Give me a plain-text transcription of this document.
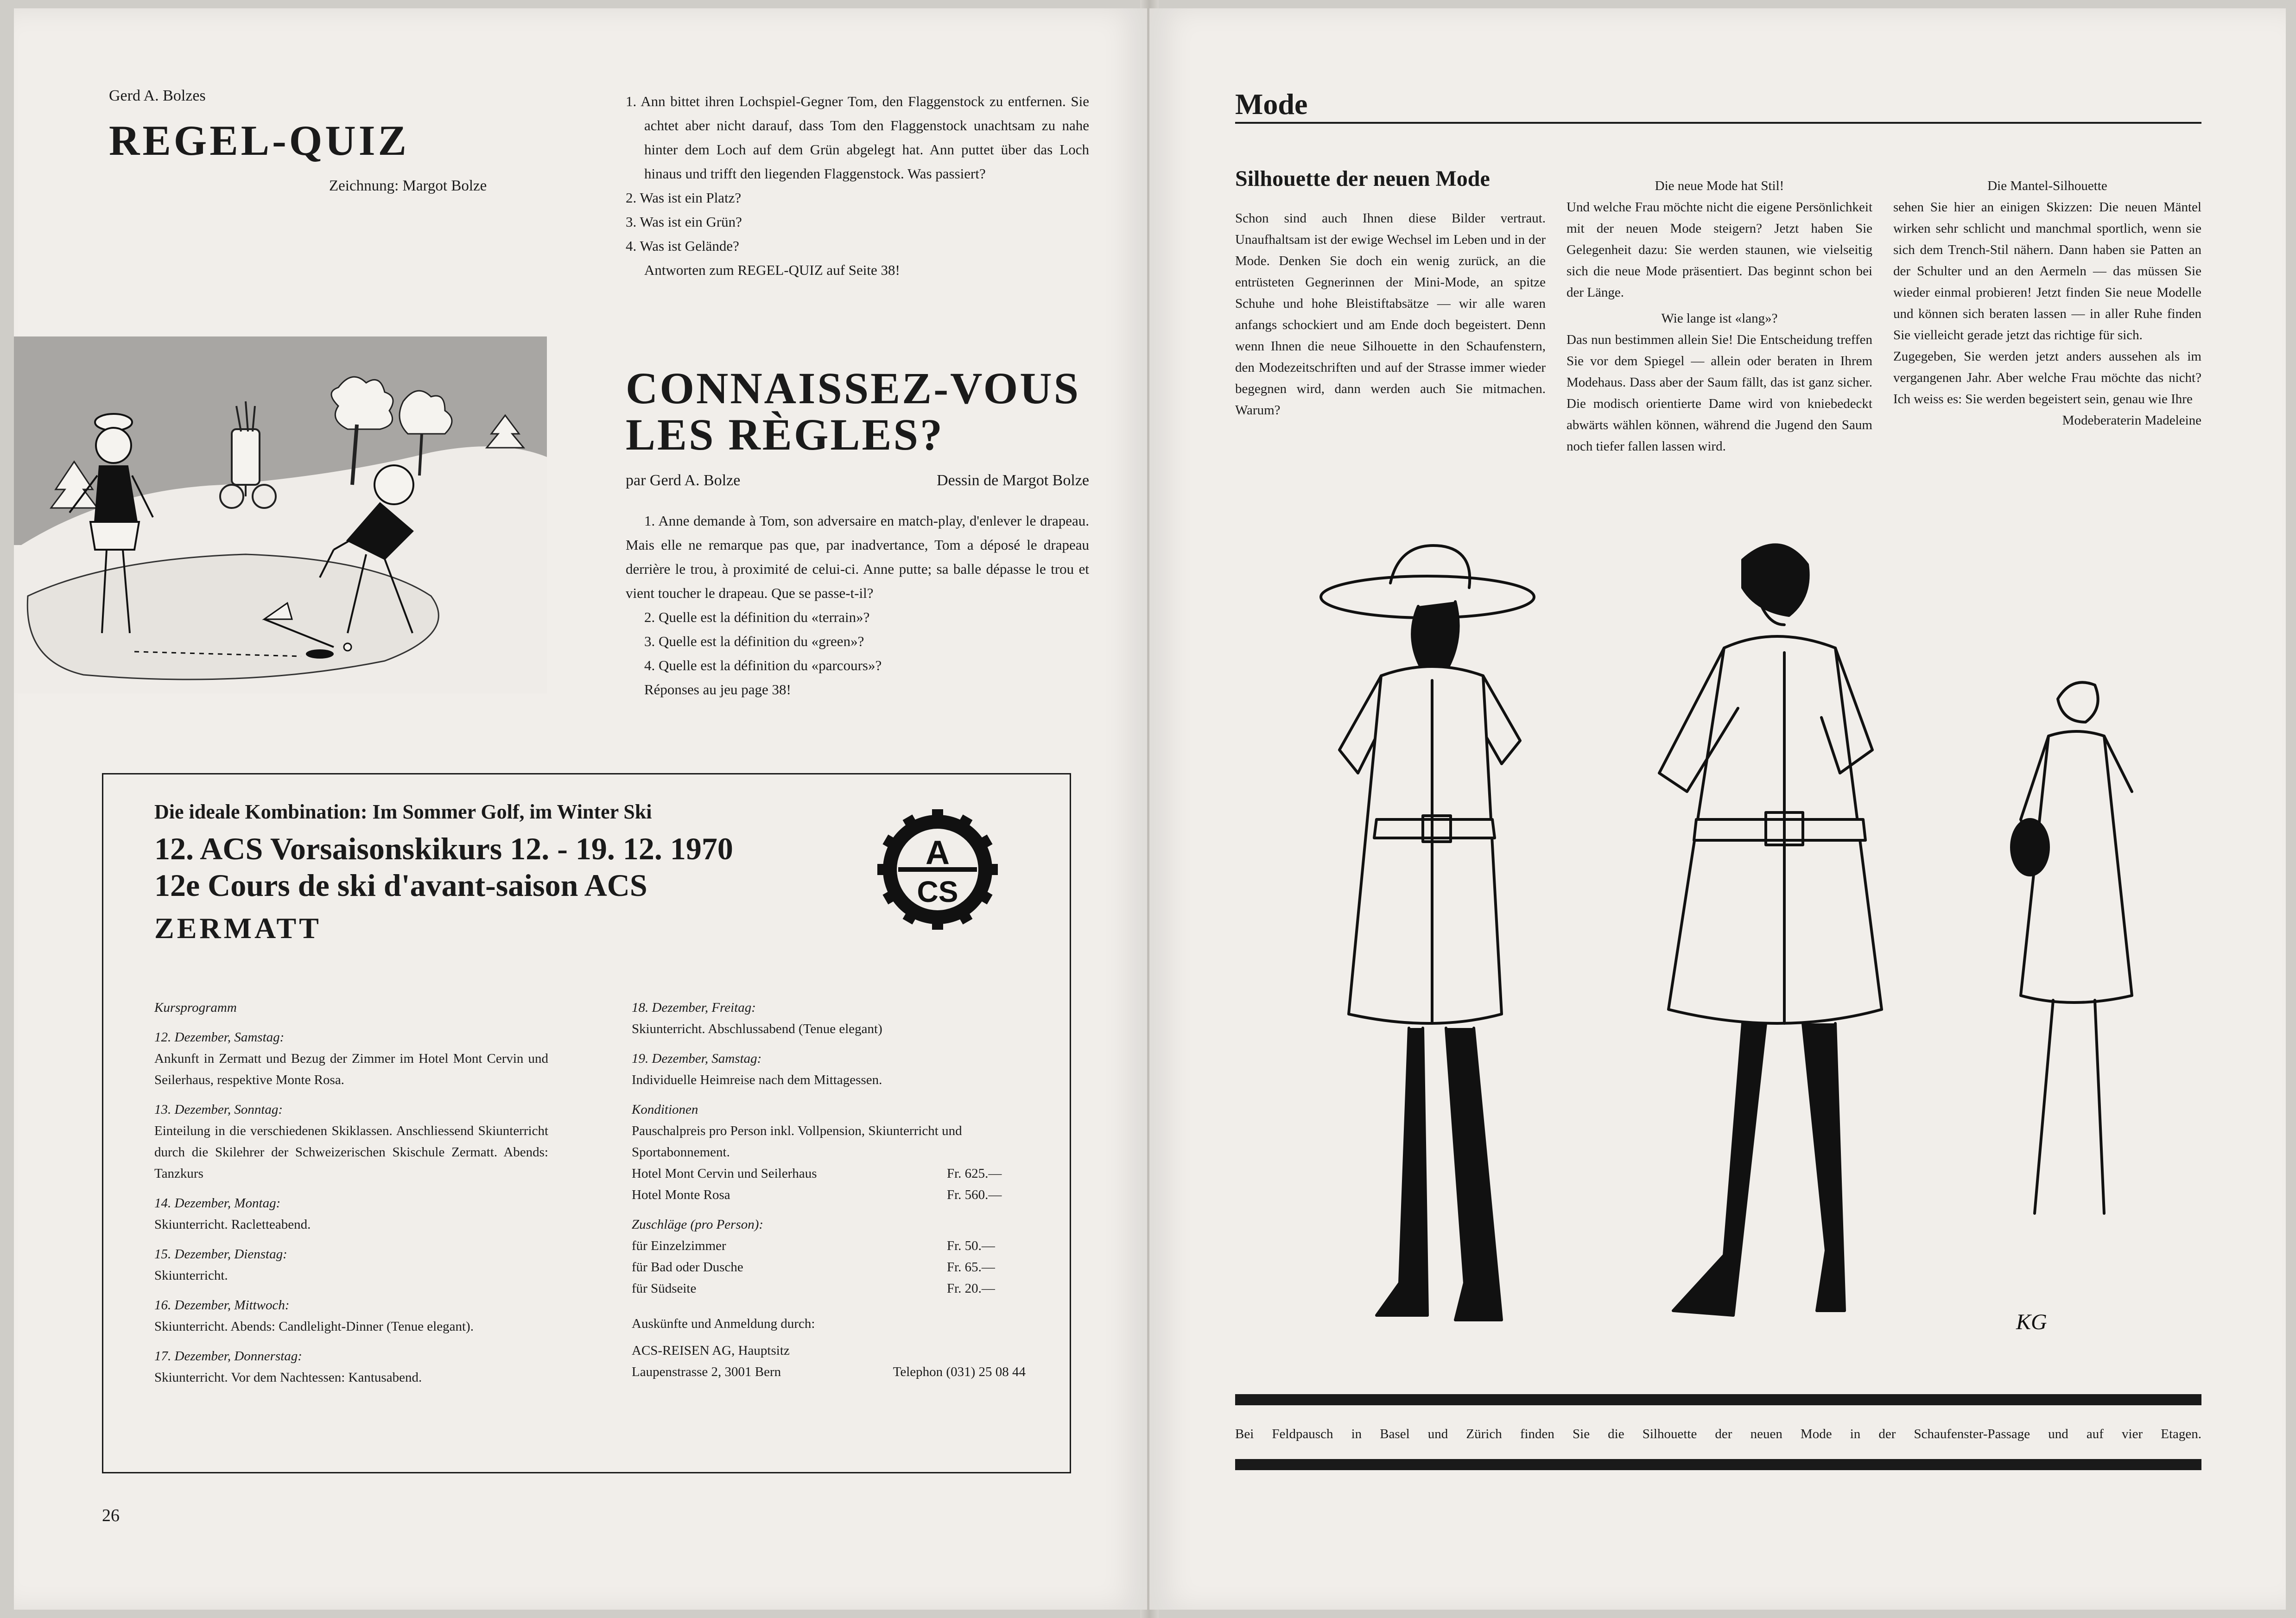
Gerd A. Bolzes
REGEL-QUIZ
Zeichnung: Margot Bolze

1. Ann bittet ihren Lochspiel-Gegner Tom, den Flaggenstock zu entfernen. Sie achtet aber nicht darauf, dass Tom den Flaggenstock unachtsam zu nahe hinter dem Loch auf dem Grün abgelegt hat. Ann puttet über das Loch hinaus und trifft den liegenden Flaggenstock. Was passiert?

2. Was ist ein Platz?

3. Was ist ein Grün?

4. Was ist Gelände?

Antworten zum REGEL-QUIZ auf Seite 38!

CONNAISSEZ-VOUS
LES RÈGLES?
par Gerd A. Bolze	Dessin de Margot Bolze

1. Anne demande à Tom, son adversaire en match-play, d'enlever le drapeau. Mais elle ne remarque pas que, par inadvertance, Tom a déposé le drapeau derrière le trou, à proximité de celui-ci. Anne putte; sa balle dépasse le trou et vient toucher le drapeau. Que se passe-t-il?

2. Quelle est la définition du «terrain»?

3. Quelle est la définition du «green»?

4. Quelle est la définition du «parcours»?

Réponses au jeu page 38!

Die ideale Kombination: Im Sommer Golf, im Winter Ski
12. ACS Vorsaisonskikurs 12. - 19. 12. 1970
12e Cours de ski d'avant-saison ACS
ZERMATT
A
CS
Kursprogramm
12. Dezember, Samstag:
Ankunft in Zermatt und Bezug der Zimmer im Hotel Mont Cervin und Seilerhaus, respektive Monte Rosa.
13. Dezember, Sonntag:
Einteilung in die verschiedenen Skiklassen. Anschliessend Skiunterricht durch die Skilehrer der Schweizerischen Skischule Zermatt. Abends: Tanzkurs
14. Dezember, Montag:
Skiunterricht. Racletteabend.
15. Dezember, Dienstag:
Skiunterricht.
16. Dezember, Mittwoch:
Skiunterricht. Abends: Candlelight-Dinner (Tenue elegant).
17. Dezember, Donnerstag:
Skiunterricht. Vor dem Nachtessen: Kantusabend.
18. Dezember, Freitag:
Skiunterricht. Abschlussabend (Tenue elegant)
19. Dezember, Samstag:
Individuelle Heimreise nach dem Mittagessen.
Konditionen
Pauschalpreis pro Person inkl. Vollpension, Skiunterricht und Sportabonnement.
Hotel Mont Cervin und Seilerhaus	Fr. 625.—
Hotel Monte Rosa	Fr. 560.—
Zuschläge (pro Person):
für Einzelzimmer	Fr. 50.—
für Bad oder Dusche	Fr. 65.—
für Südseite	Fr. 20.—
Auskünfte und Anmeldung durch:
ACS-REISEN AG, Hauptsitz
Laupenstrasse 2, 3001 Bern	Telephon (031) 25 08 44
26
Mode
Silhouette der neuen Mode

Schon sind auch Ihnen diese Bilder vertraut. Unaufhaltsam ist der ewige Wechsel im Leben und in der Mode. Denken Sie doch ein wenig zurück, an die entrüsteten Gegnerinnen der Mini-Mode, an spitze Schuhe und hohe Bleistiftabsätze — wir alle waren anfangs schockiert und am Ende doch begeistert. Denn wenn Ihnen die neue Silhouette in den Schaufenstern, den Modezeitschriften und auf der Strasse immer wieder begegnen wird, dann werden auch Sie mitmachen. Warum?

Die neue Mode hat Stil!

Und welche Frau möchte nicht die eigene Persönlichkeit mit der neuen Mode steigern? Jetzt haben Sie Gelegenheit dazu: Sie werden staunen, wie vielseitig sich die neue Mode präsentiert. Das beginnt schon bei der Länge.

Wie lange ist «lang»?

Das nun bestimmen allein Sie! Die Entscheidung treffen Sie vor dem Spiegel — allein oder beraten in Ihrem Modehaus. Dass aber der Saum fällt, das ist ganz sicher. Die modisch orientierte Dame wird von kniebedeckt abwärts wählen können, während die Jugend den Saum noch tiefer fallen lassen wird.

Die Mantel-Silhouette

sehen Sie hier an einigen Skizzen: Die neuen Mäntel wirken sehr schlicht und manchmal sportlich, wenn sie sich dem Trench-Stil nähern. Dann haben sie Patten an der Schulter und an den Aermeln — das müssen Sie wieder einmal probieren! Jetzt finden Sie neue Modelle und können sich beraten lassen — in aller Ruhe finden Sie vielleicht gerade jetzt das richtige für sich.

Zugegeben, Sie werden jetzt anders aussehen als im vergangenen Jahr. Aber welche Frau möchte das nicht? Ich weiss es: Sie werden begeistert sein, genau wie Ihre

Modeberaterin Madeleine

KG
Bei Feldpausch in Basel und Zürich finden Sie die Silhouette der neuen Mode in der Schaufenster-Passage und auf vier Etagen.
